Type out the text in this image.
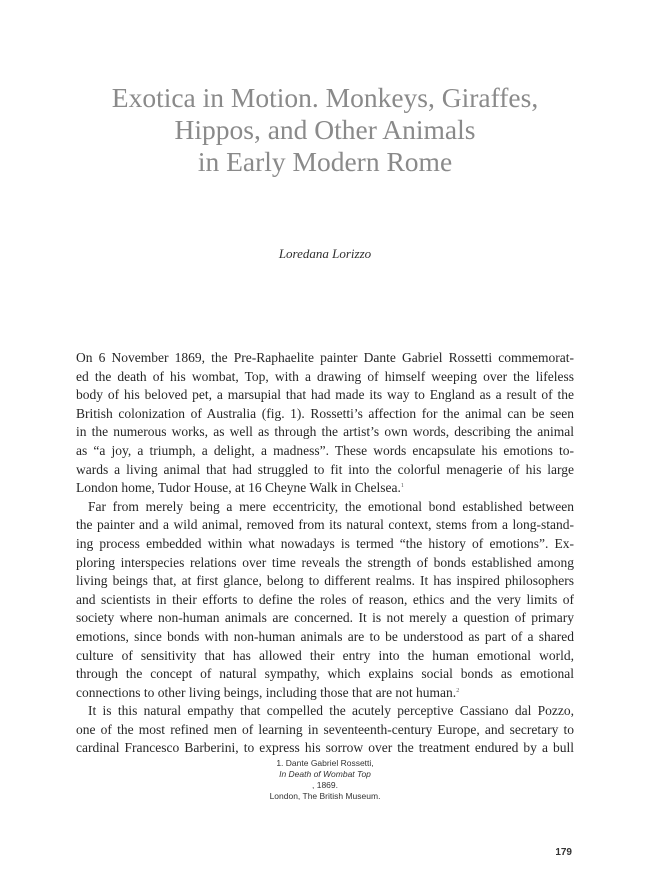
Exotica in Motion. Monkeys, Giraffes,
Hippos, and Other Animals
in Early Modern Rome
Loredana Lorizzo
On 6 November 1869, the Pre-Raphaelite painter Dante Gabriel Rossetti commemorat-
ed the death of his wombat, Top, with a drawing of himself weeping over the lifeless
body of his beloved pet, a marsupial that had made its way to England as a result of the
British colonization of Australia (fig. 1). Rossetti’s affection for the animal can be seen
in the numerous works, as well as through the artist’s own words, describing the animal
as “a joy, a triumph, a delight, a madness”. These words encapsulate his emotions to-
wards a living animal that had struggled to fit into the colorful menagerie of his large
London home, Tudor House, at 16 Cheyne Walk in Chelsea.$^1$
Far from merely being a mere eccentricity, the emotional bond established between
the painter and a wild animal, removed from its natural context, stems from a long-stand-
ing process embedded within what nowadays is termed “the history of emotions”. Ex-
ploring interspecies relations over time reveals the strength of bonds established among
living beings that, at first glance, belong to different realms. It has inspired philosophers
and scientists in their efforts to define the roles of reason, ethics and the very limits of
society where non-human animals are concerned. It is not merely a question of primary
emotions, since bonds with non-human animals are to be understood as part of a shared
culture of sensitivity that has allowed their entry into the human emotional world,
through the concept of natural sympathy, which explains social bonds as emotional
connections to other living beings, including those that are not human.$^2$
It is this natural empathy that compelled the acutely perceptive Cassiano dal Pozzo,
one of the most refined men of learning in seventeenth-century Europe, and secretary to
cardinal Francesco Barberini, to express his sorrow over the treatment endured by a bull
1. Dante Gabriel Rossetti,
In Death of Wombat Top
, 1869.
London, The British Museum.
179
